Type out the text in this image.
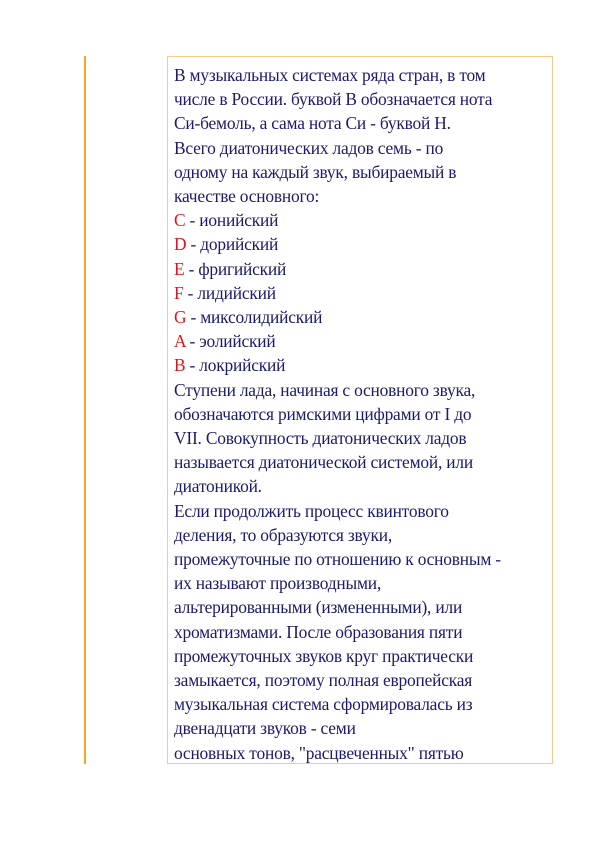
В музыкальных системах ряда стран, в том
числе в России. буквой B обозначается нота
Си-бемоль, а сама нота Си - буквой H.
Всего диатонических ладов семь - по
одному на каждый звук, выбираемый в
качестве основного:
C - ионийский
D - дорийский
E - фригийский
F - лидийский
G - миксолидийский
A - эолийский
B - локрийский
Ступени лада, начиная с основного звука,
обозначаются римскими цифрами от I до
VII. Совокупность диатонических ладов
называется диатонической системой, или
диатоникой.
Если продолжить процесс квинтового
деления, то образуются звуки,
промежуточные по отношению к основным -
их называют производными,
альтерированными (измененными), или
хроматизмами. После образования пяти
промежуточных звуков круг практически
замыкается, поэтому полная европейская
музыкальная система сформировалась из
двенадцати звуков - семи
основных тонов, "расцвеченных" пятью
